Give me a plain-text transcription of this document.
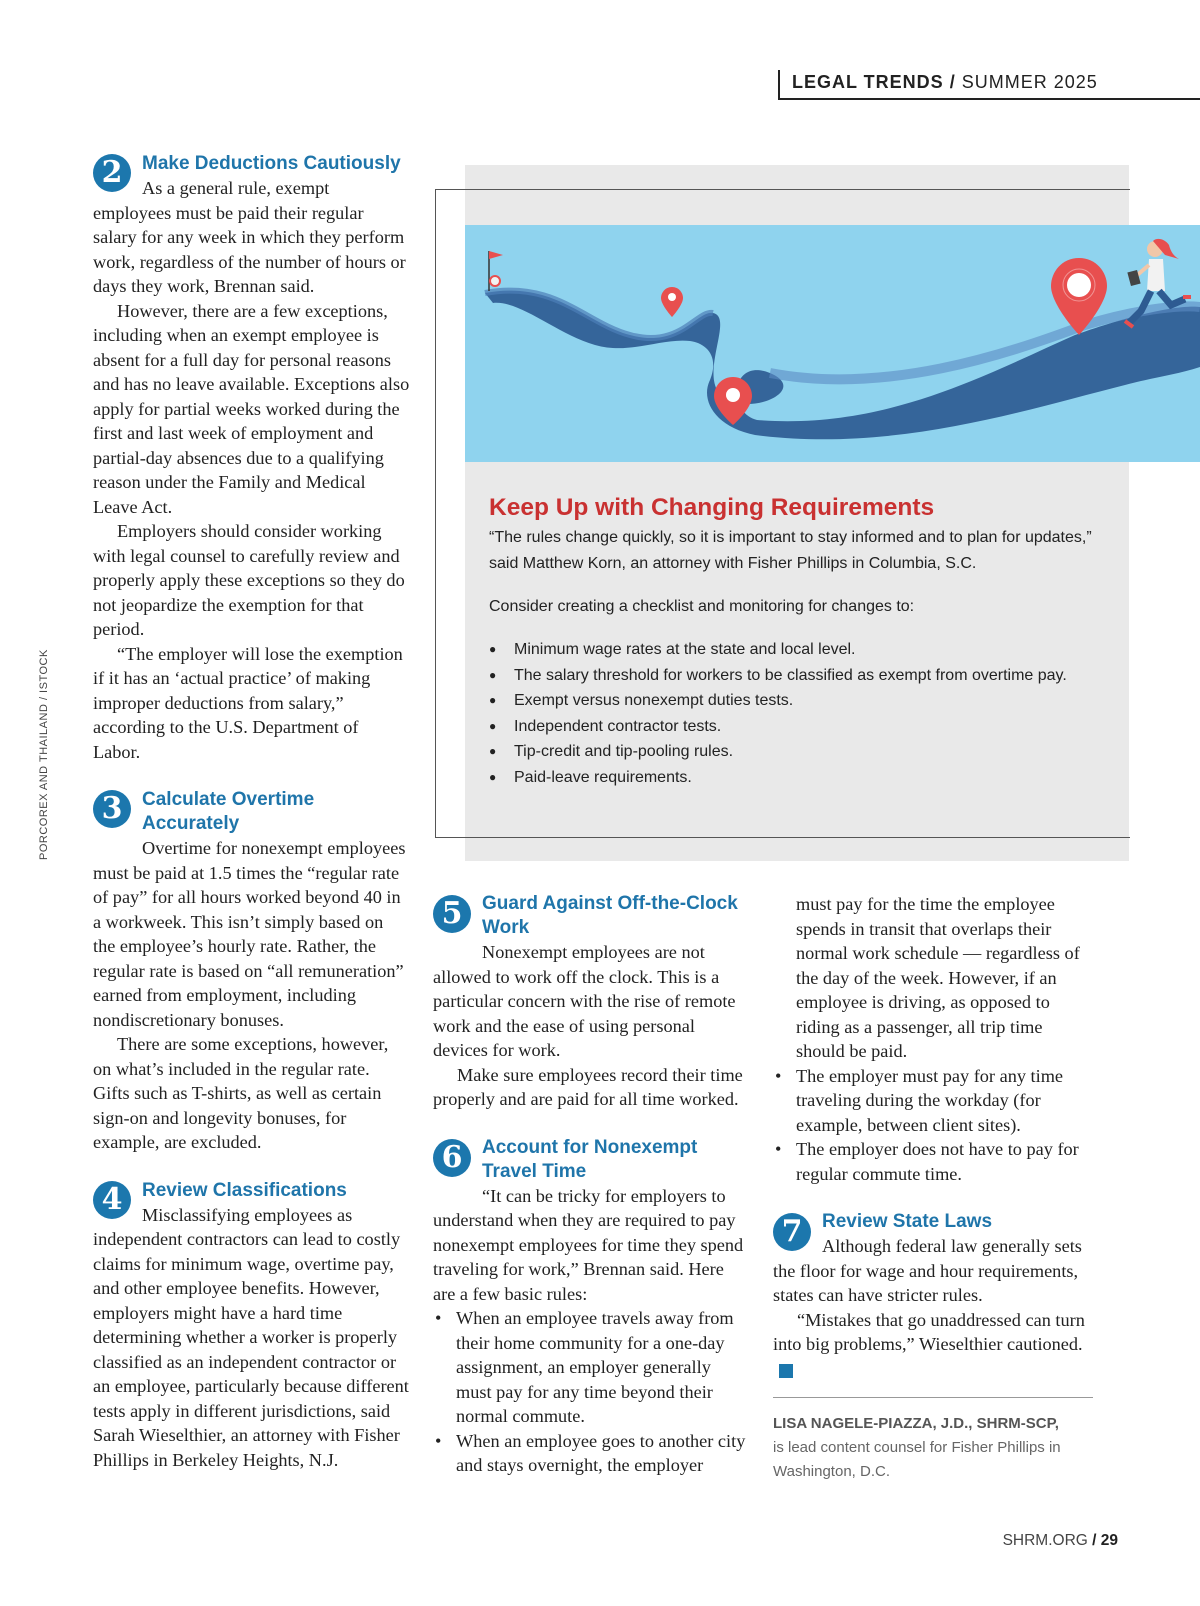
LEGAL TRENDS / SUMMER 2025
PORCOREX AND THAILAND / ISTOCK
2	Make Deductions Cautiously

As a general rule, exempt employees must be paid their regular salary for any week in which they perform work, regardless of the number of hours or days they work, Brennan said.

However, there are a few exceptions, including when an exempt employee is absent for a full day for personal reasons and has no leave available. Exceptions also apply for partial weeks worked during the first and last week of employment and partial-day absences due to a qualifying reason under the Family and Medical Leave Act.

Employers should consider working with legal counsel to carefully review and properly apply these exceptions so they do not jeopardize the exemption for that period.

“The employer will lose the exemption if it has an ‘actual practice’ of making improper deductions from salary,” according to the U.S. Department of Labor.

3	Calculate Overtime Accurately

Overtime for nonexempt employees must be paid at 1.5 times the “regular rate of pay” for all hours worked beyond 40 in a workweek. This isn’t simply based on the employee’s hourly rate. Rather, the regular rate is based on “all remuneration” earned from employment, including nondiscretionary bonuses.

There are some exceptions, however, on what’s included in the regular rate. Gifts such as T-shirts, as well as certain sign-on and longevity bonuses, for example, are excluded.

4	Review Classifications

Misclassifying employees as independent contractors can lead to costly claims for minimum wage, overtime pay, and other employee benefits. However, employers might have a hard time determining whether a worker is properly classified as an independent contractor or an employee, particularly because different tests apply in different jurisdictions, said Sarah Wieselthier, an attorney with Fisher Phillips in Berkeley Heights, N.J.

Keep Up with Changing Requirements

“The rules change quickly, so it is important to stay informed and to plan for updates,” said Matthew Korn, an attorney with Fisher Phillips in Columbia, S.C.

Consider creating a checklist and monitoring for changes to:

● Minimum wage rates at the state and local level.
● The salary threshold for workers to be classified as exempt from overtime pay.
● Exempt versus nonexempt duties tests.
● Independent contractor tests.
● Tip-credit and tip-pooling rules.
● Paid-leave requirements.
5	Guard Against Off-the-Clock Work

Nonexempt employees are not allowed to work off the clock. This is a particular concern with the rise of remote work and the ease of using personal devices for work.

Make sure employees record their time properly and are paid for all time worked.

6	Account for Nonexempt Travel Time

“It can be tricky for employers to understand when they are required to pay nonexempt employees for time they spend traveling for work,” Brennan said. Here are a few basic rules:

• When an employee travels away from their home community for a one-day assignment, an employer generally must pay for any time beyond their normal commute.
• When an employee goes to another city and stays overnight, the employer

must pay for the time the employee spends in transit that overlaps their normal work schedule — regardless of the day of the week. However, if an employee is driving, as opposed to riding as a passenger, all trip time should be paid.

• The employer must pay for any time traveling during the workday (for example, between client sites).
• The employer does not have to pay for regular commute time.
7	Review State Laws

Although federal law generally sets the floor for wage and hour requirements, states can have stricter rules.

“Mistakes that go unaddressed can turn into big problems,” Wieselthier cautioned.HR

LISA NAGELE-PIAZZA, J.D., SHRM-SCP,
is lead content counsel for Fisher Phillips in Washington, D.C.
SHRM.ORG / 29
